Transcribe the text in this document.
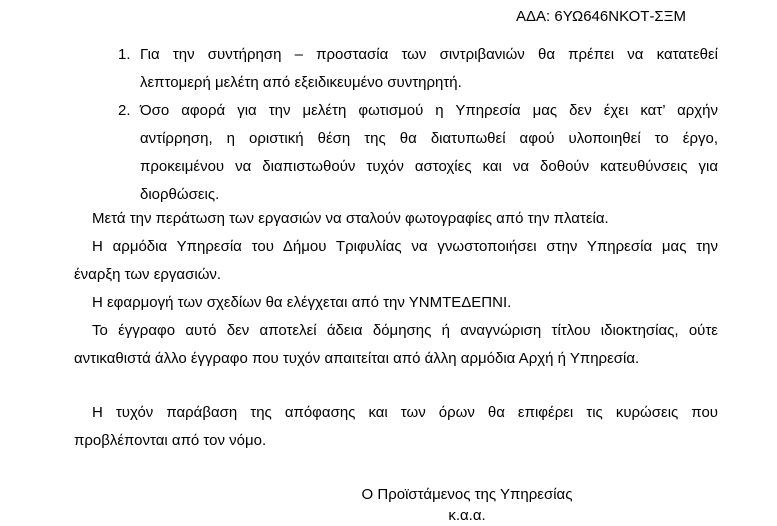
ΑΔΑ: 6ΥΩ646ΝΚΟΤ-ΣΞΜ
1. Για την συντήρηση – προστασία των σιντριβανιών θα πρέπει να κατατεθεί
λεπτομερή μελέτη από εξειδικευμένο συντηρητή.
2. Όσο αφορά για την μελέτη φωτισμού η Υπηρεσία μας δεν έχει κατ’ αρχήν
αντίρρηση, η οριστική θέση της θα διατυπωθεί αφού υλοποιηθεί το έργο,
προκειμένου να διαπιστωθούν τυχόν αστοχίες και να δοθούν κατευθύνσεις για
διορθώσεις.
Μετά την περάτωση των εργασιών να σταλούν φωτογραφίες από την πλατεία.
Η αρμόδια Υπηρεσία του Δήμου Τριφυλίας να γνωστοποιήσει στην Υπηρεσία μας την
έναρξη των εργασιών.
Η εφαρμογή των σχεδίων θα ελέγχεται από την ΥΝΜΤΕΔΕΠΝΙ.
Το έγγραφο αυτό δεν αποτελεί άδεια δόμησης ή αναγνώριση τίτλου ιδιοκτησίας, ούτε
αντικαθιστά άλλο έγγραφο που τυχόν απαιτείται από άλλη αρμόδια Αρχή ή Υπηρεσία.
Η τυχόν παράβαση της απόφασης και των όρων θα επιφέρει τις κυρώσεις που
προβλέπονται από τον νόμο.
Ο Προϊστάμενος της Υπηρεσίας
κ.α.α.
